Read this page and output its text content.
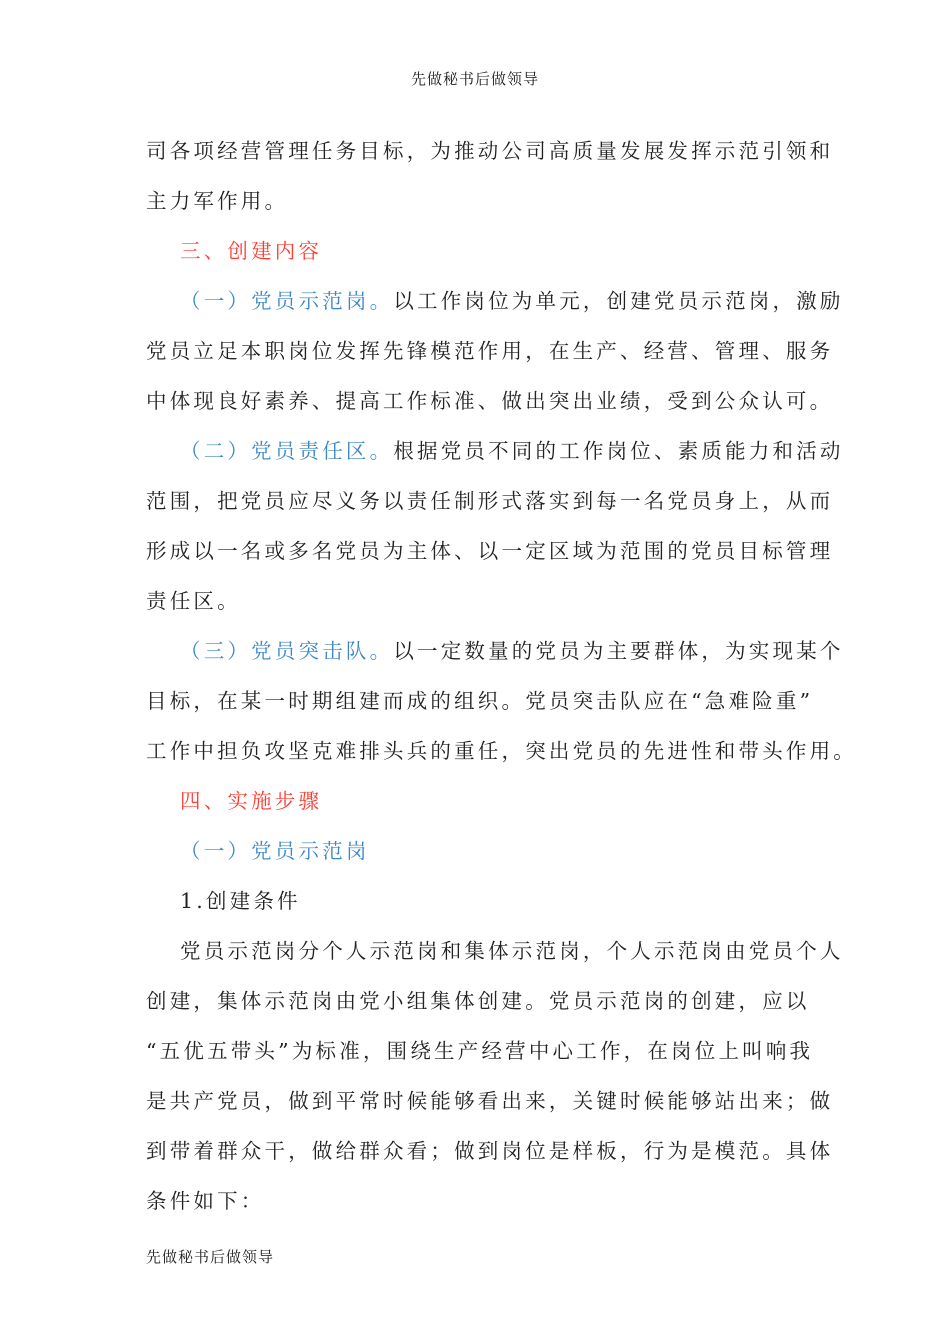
先做秘书后做领导
司各项经营管理任务目标，为推动公司高质量发展发挥示范引领和
主力军作用。
三、创建内容
（一）党员示范岗。以工作岗位为单元，创建党员示范岗，激励
党员立足本职岗位发挥先锋模范作用，在生产、经营、管理、服务
中体现良好素养、提高工作标准、做出突出业绩，受到公众认可。
（二）党员责任区。根据党员不同的工作岗位、素质能力和活动
范围，把党员应尽义务以责任制形式落实到每一名党员身上，从而
形成以一名或多名党员为主体、以一定区域为范围的党员目标管理
责任区。
（三）党员突击队。以一定数量的党员为主要群体，为实现某个
目标，在某一时期组建而成的组织。党员突击队应在“急难险重”
工作中担负攻坚克难排头兵的重任，突出党员的先进性和带头作用。
四、实施步骤
（一）党员示范岗
1.创建条件
党员示范岗分个人示范岗和集体示范岗，个人示范岗由党员个人
创建，集体示范岗由党小组集体创建。党员示范岗的创建，应以
“五优五带头”为标准，围绕生产经营中心工作，在岗位上叫响我
是共产党员，做到平常时候能够看出来，关键时候能够站出来；做
到带着群众干，做给群众看；做到岗位是样板，行为是模范。具体
条件如下：
先做秘书后做领导
